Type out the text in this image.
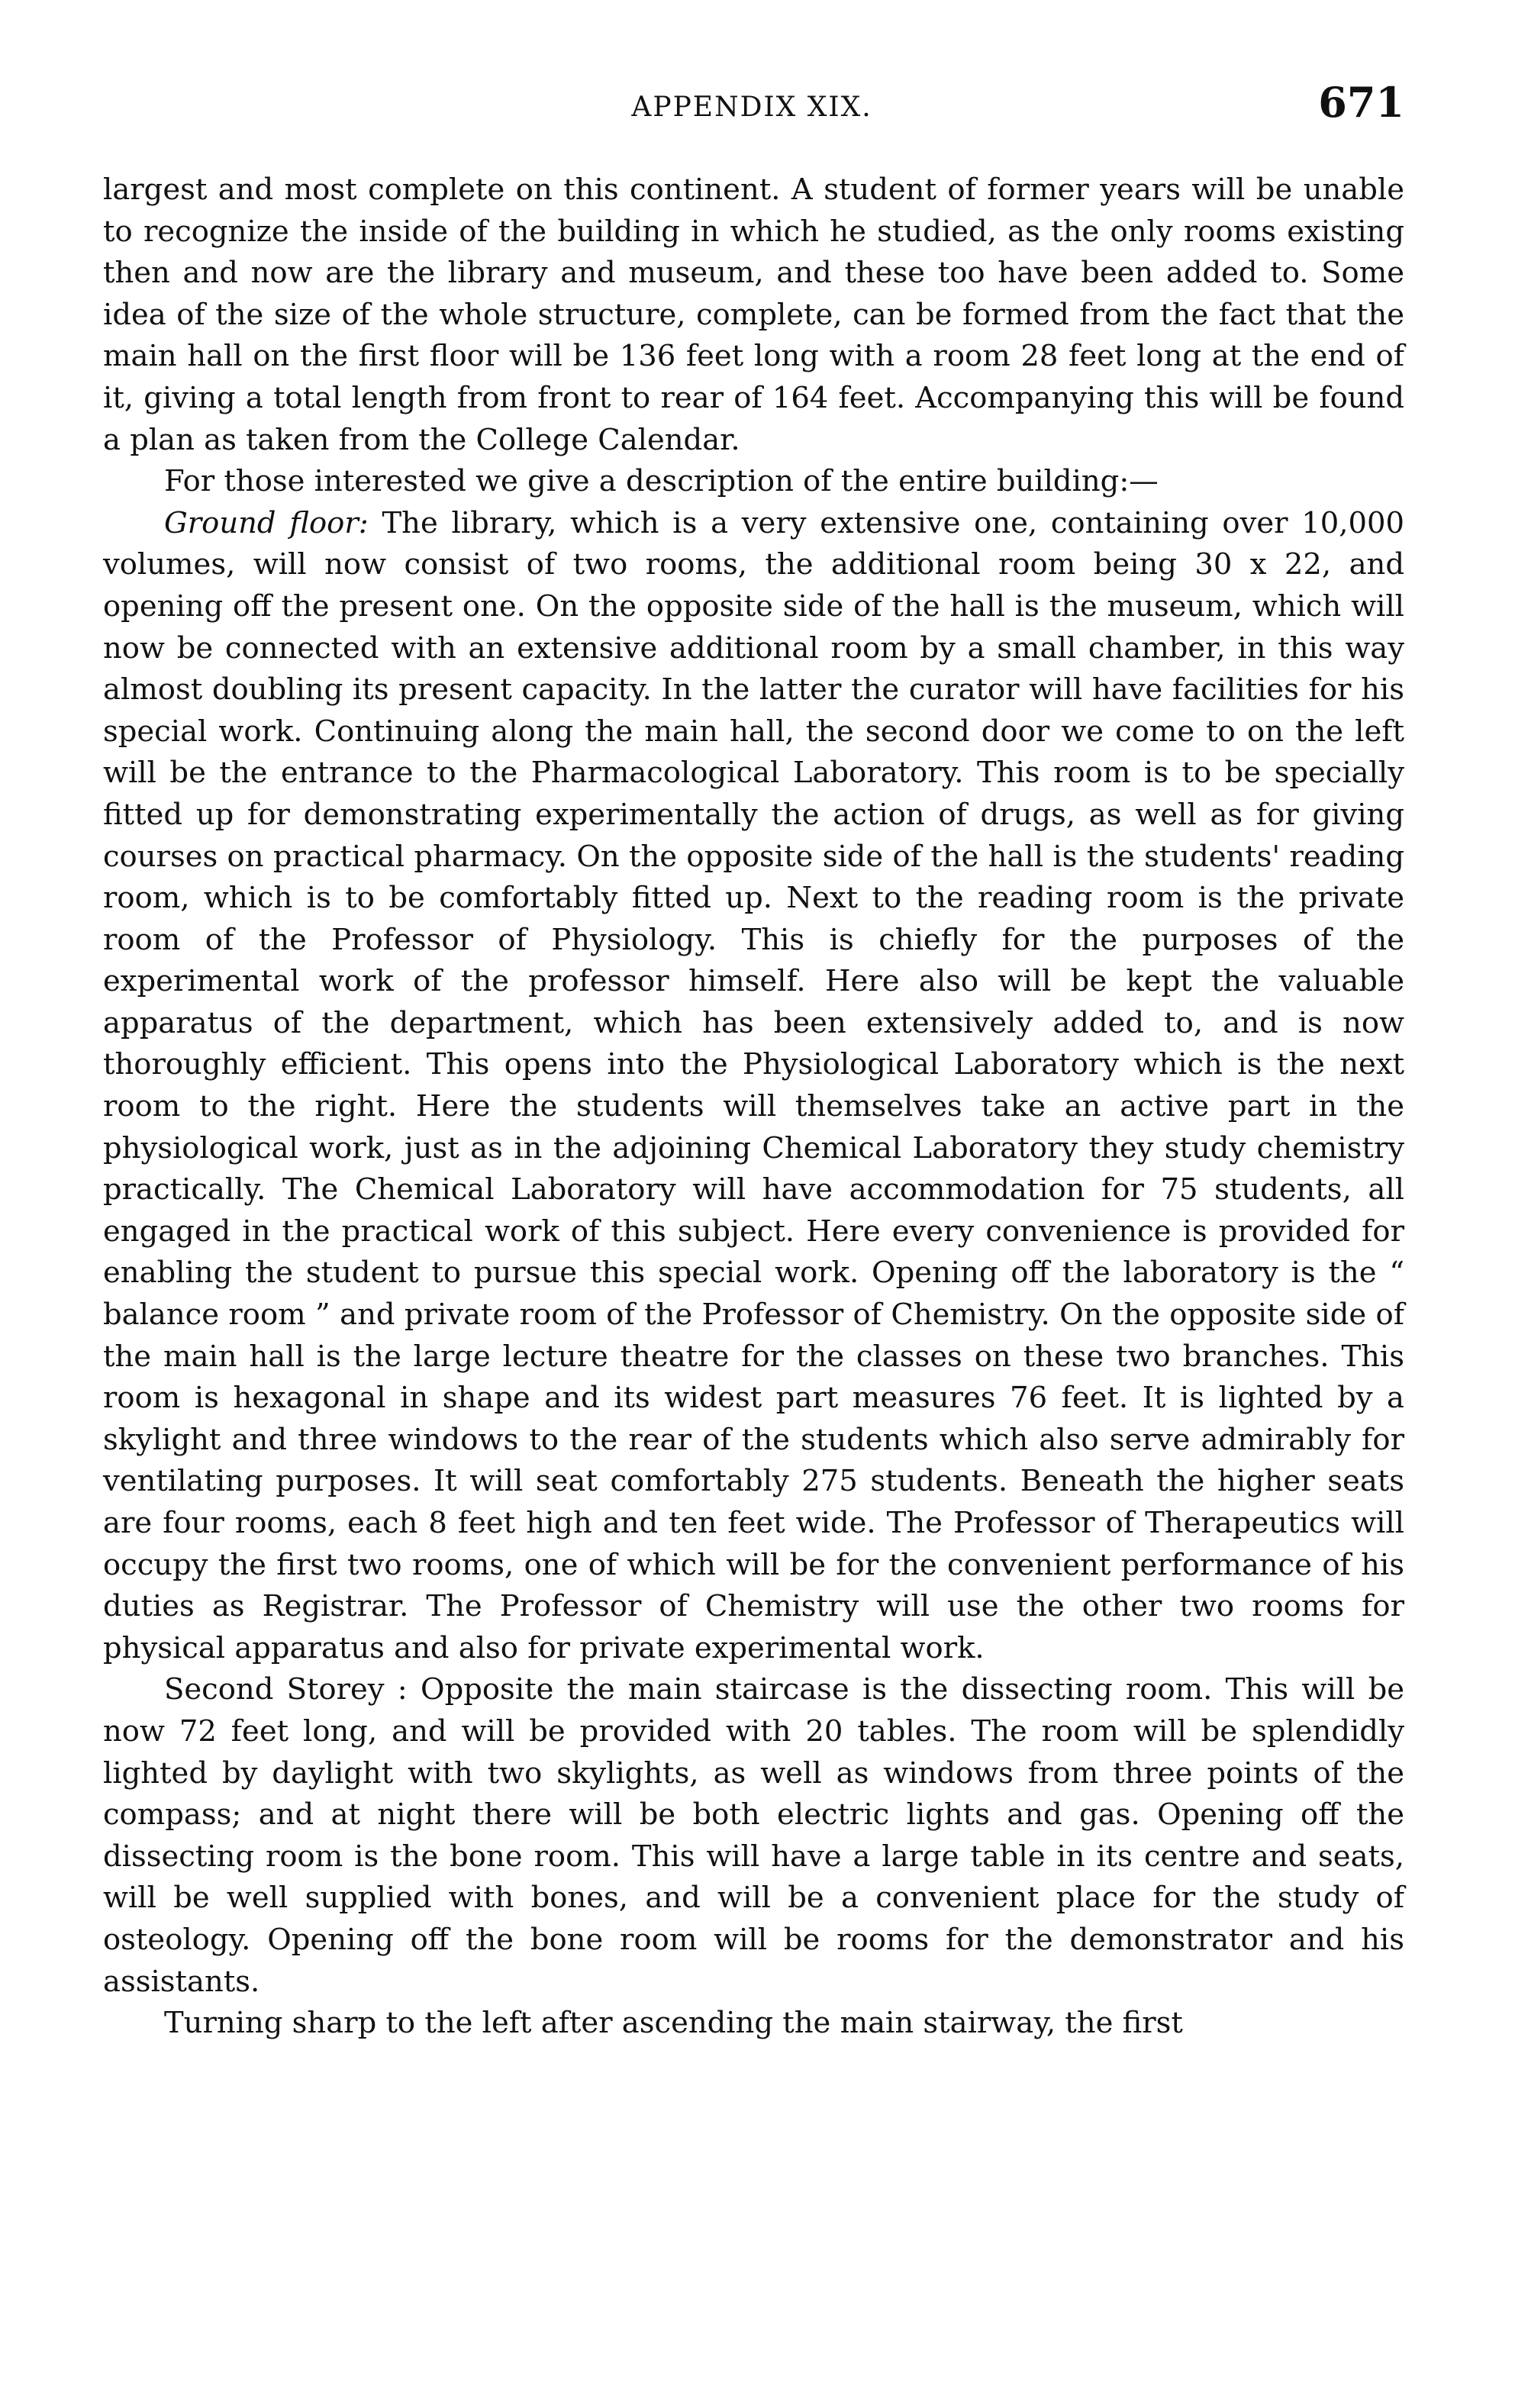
APPENDIX XIX.	671

largest and most complete on this continent. A student of former years will be unable to recognize the inside of the building in which he studied, as the only rooms existing then and now are the library and museum, and these too have been added to. Some idea of the size of the whole structure, complete, can be formed from the fact that the main hall on the first floor will be 136 feet long with a room 28 feet long at the end of it, giving a total length from front to rear of 164 feet. Accompanying this will be found a plan as taken from the College Calendar.

For those interested we give a description of the entire building:—

Ground floor: The library, which is a very extensive one, containing over 10,000 volumes, will now consist of two rooms, the additional room being 30 x 22, and opening off the present one. On the opposite side of the hall is the museum, which will now be connected with an extensive additional room by a small chamber, in this way almost doubling its present capacity. In the latter the curator will have facilities for his special work. Continuing along the main hall, the second door we come to on the left will be the entrance to the Pharmacological Laboratory. This room is to be specially fitted up for demonstrating experimentally the action of drugs, as well as for giving courses on practical pharmacy. On the opposite side of the hall is the students' reading room, which is to be comfortably fitted up. Next to the reading room is the private room of the Professor of Physiology. This is chiefly for the purposes of the experimental work of the professor himself. Here also will be kept the valuable apparatus of the department, which has been extensively added to, and is now thoroughly efficient. This opens into the Physiological Laboratory which is the next room to the right. Here the students will themselves take an active part in the physiological work, just as in the adjoining Chemical Laboratory they study chemistry practically. The Chemical Laboratory will have accommodation for 75 students, all engaged in the practical work of this subject. Here every convenience is provided for enabling the student to pursue this special work. Opening off the laboratory is the “ balance room ” and private room of the Professor of Chemistry. On the opposite side of the main hall is the large lecture theatre for the classes on these two branches. This room is hexagonal in shape and its widest part measures 76 feet. It is lighted by a skylight and three windows to the rear of the students which also serve admirably for ventilating purposes. It will seat comfortably 275 students. Beneath the higher seats are four rooms, each 8 feet high and ten feet wide. The Professor of Therapeutics will occupy the first two rooms, one of which will be for the convenient performance of his duties as Registrar. The Professor of Chemistry will use the other two rooms for physical apparatus and also for private experimental work.

Second Storey : Opposite the main staircase is the dissecting room. This will be now 72 feet long, and will be provided with 20 tables. The room will be splendidly lighted by daylight with two skylights, as well as windows from three points of the compass; and at night there will be both electric lights and gas. Opening off the dissecting room is the bone room. This will have a large table in its centre and seats, will be well supplied with bones, and will be a convenient place for the study of osteology. Opening off the bone room will be rooms for the demonstrator and his assistants.

Turning sharp to the left after ascending the main stairway, the first
